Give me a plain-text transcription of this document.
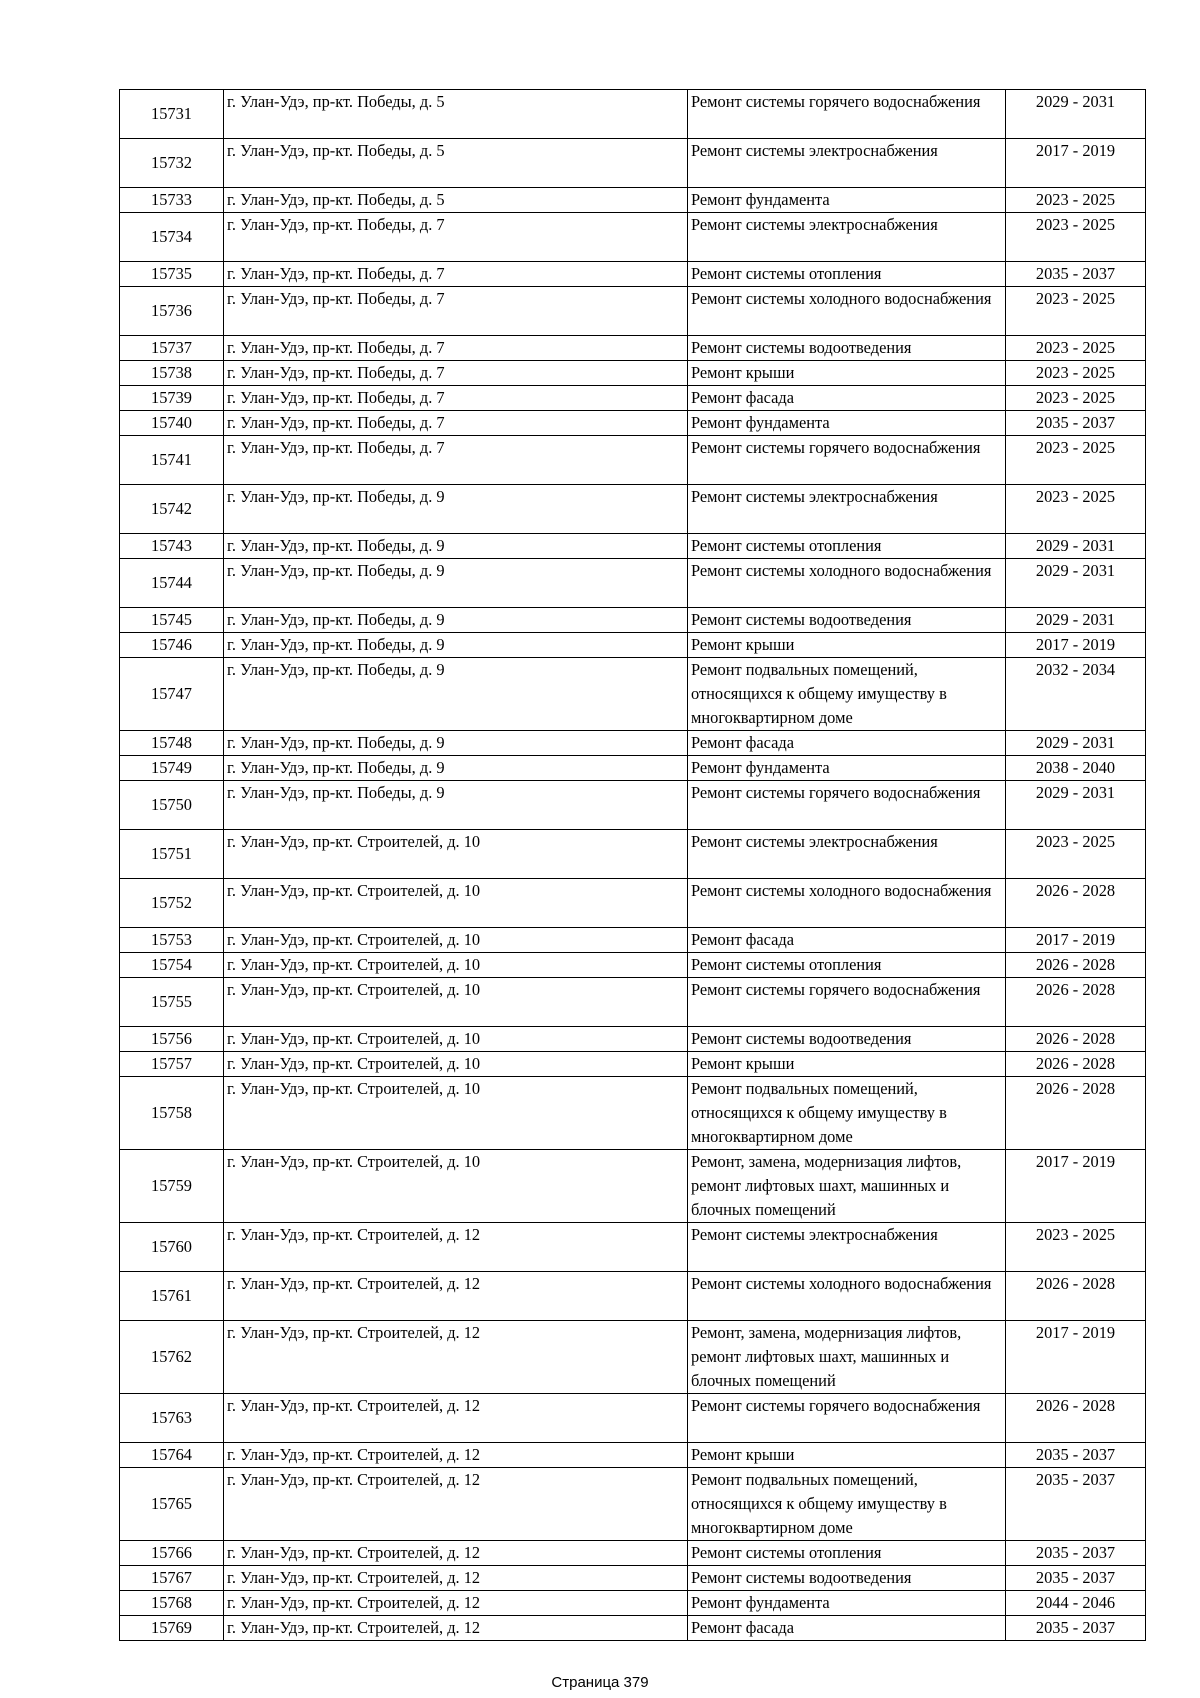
15731	г. Улан-Удэ, пр-кт. Победы, д. 5	Ремонт системы горячего водоснабжения	2029 - 2031
15732	г. Улан-Удэ, пр-кт. Победы, д. 5	Ремонт системы электроснабжения	2017 - 2019
15733	г. Улан-Удэ, пр-кт. Победы, д. 5	Ремонт фундамента	2023 - 2025
15734	г. Улан-Удэ, пр-кт. Победы, д. 7	Ремонт системы электроснабжения	2023 - 2025
15735	г. Улан-Удэ, пр-кт. Победы, д. 7	Ремонт системы отопления	2035 - 2037
15736	г. Улан-Удэ, пр-кт. Победы, д. 7	Ремонт системы холодного водоснабжения	2023 - 2025
15737	г. Улан-Удэ, пр-кт. Победы, д. 7	Ремонт системы водоотведения	2023 - 2025
15738	г. Улан-Удэ, пр-кт. Победы, д. 7	Ремонт крыши	2023 - 2025
15739	г. Улан-Удэ, пр-кт. Победы, д. 7	Ремонт фасада	2023 - 2025
15740	г. Улан-Удэ, пр-кт. Победы, д. 7	Ремонт фундамента	2035 - 2037
15741	г. Улан-Удэ, пр-кт. Победы, д. 7	Ремонт системы горячего водоснабжения	2023 - 2025
15742	г. Улан-Удэ, пр-кт. Победы, д. 9	Ремонт системы электроснабжения	2023 - 2025
15743	г. Улан-Удэ, пр-кт. Победы, д. 9	Ремонт системы отопления	2029 - 2031
15744	г. Улан-Удэ, пр-кт. Победы, д. 9	Ремонт системы холодного водоснабжения	2029 - 2031
15745	г. Улан-Удэ, пр-кт. Победы, д. 9	Ремонт системы водоотведения	2029 - 2031
15746	г. Улан-Удэ, пр-кт. Победы, д. 9	Ремонт крыши	2017 - 2019
15747	г. Улан-Удэ, пр-кт. Победы, д. 9	Ремонт подвальных помещений, относящихся к общему имуществу в многоквартирном доме	2032 - 2034
15748	г. Улан-Удэ, пр-кт. Победы, д. 9	Ремонт фасада	2029 - 2031
15749	г. Улан-Удэ, пр-кт. Победы, д. 9	Ремонт фундамента	2038 - 2040
15750	г. Улан-Удэ, пр-кт. Победы, д. 9	Ремонт системы горячего водоснабжения	2029 - 2031
15751	г. Улан-Удэ, пр-кт. Строителей, д. 10	Ремонт системы электроснабжения	2023 - 2025
15752	г. Улан-Удэ, пр-кт. Строителей, д. 10	Ремонт системы холодного водоснабжения	2026 - 2028
15753	г. Улан-Удэ, пр-кт. Строителей, д. 10	Ремонт фасада	2017 - 2019
15754	г. Улан-Удэ, пр-кт. Строителей, д. 10	Ремонт системы отопления	2026 - 2028
15755	г. Улан-Удэ, пр-кт. Строителей, д. 10	Ремонт системы горячего водоснабжения	2026 - 2028
15756	г. Улан-Удэ, пр-кт. Строителей, д. 10	Ремонт системы водоотведения	2026 - 2028
15757	г. Улан-Удэ, пр-кт. Строителей, д. 10	Ремонт крыши	2026 - 2028
15758	г. Улан-Удэ, пр-кт. Строителей, д. 10	Ремонт подвальных помещений, относящихся к общему имуществу в многоквартирном доме	2026 - 2028
15759	г. Улан-Удэ, пр-кт. Строителей, д. 10	Ремонт, замена, модернизация лифтов, ремонт лифтовых шахт, машинных и блочных помещений	2017 - 2019
15760	г. Улан-Удэ, пр-кт. Строителей, д. 12	Ремонт системы электроснабжения	2023 - 2025
15761	г. Улан-Удэ, пр-кт. Строителей, д. 12	Ремонт системы холодного водоснабжения	2026 - 2028
15762	г. Улан-Удэ, пр-кт. Строителей, д. 12	Ремонт, замена, модернизация лифтов, ремонт лифтовых шахт, машинных и блочных помещений	2017 - 2019
15763	г. Улан-Удэ, пр-кт. Строителей, д. 12	Ремонт системы горячего водоснабжения	2026 - 2028
15764	г. Улан-Удэ, пр-кт. Строителей, д. 12	Ремонт крыши	2035 - 2037
15765	г. Улан-Удэ, пр-кт. Строителей, д. 12	Ремонт подвальных помещений, относящихся к общему имуществу в многоквартирном доме	2035 - 2037
15766	г. Улан-Удэ, пр-кт. Строителей, д. 12	Ремонт системы отопления	2035 - 2037
15767	г. Улан-Удэ, пр-кт. Строителей, д. 12	Ремонт системы водоотведения	2035 - 2037
15768	г. Улан-Удэ, пр-кт. Строителей, д. 12	Ремонт фундамента	2044 - 2046
15769	г. Улан-Удэ, пр-кт. Строителей, д. 12	Ремонт фасада	2035 - 2037
Страница 379
